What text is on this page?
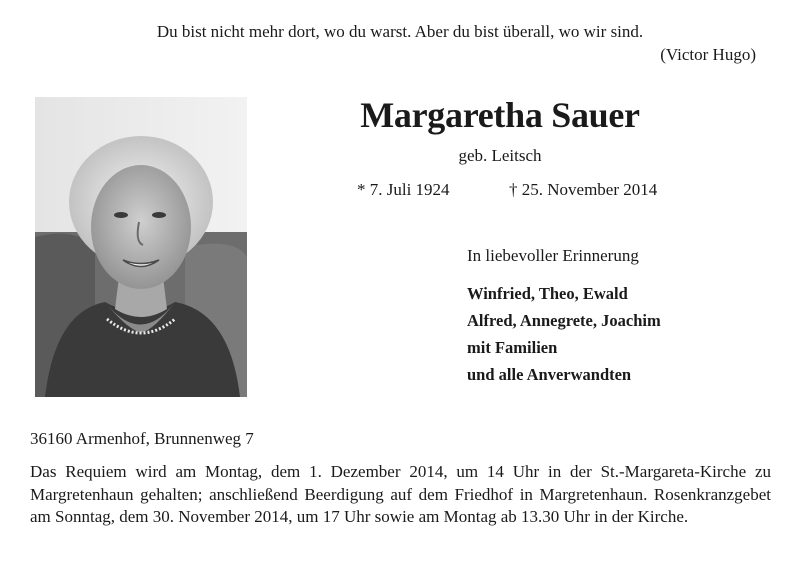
Du bist nicht mehr dort, wo du warst. Aber du bist überall, wo wir sind.
(Victor Hugo)
Margaretha Sauer
geb. Leitsch
* 7. Juli 1924	† 25. November 2014
In liebevoller Erinnerung
Winfried, Theo, Ewald
Alfred, Annegrete, Joachim
mit Familien
und alle Anverwandten
36160 Armenhof, Brunnenweg 7
Das Requiem wird am Montag, dem 1. Dezember 2014, um 14 Uhr in der St.-Margareta-Kirche zu Margretenhaun gehalten; anschließend Beerdigung auf dem Friedhof in Margretenhaun. Rosenkranzgebet am Sonntag, dem 30. November 2014, um 17 Uhr sowie am Montag ab 13.30 Uhr in der Kirche.
